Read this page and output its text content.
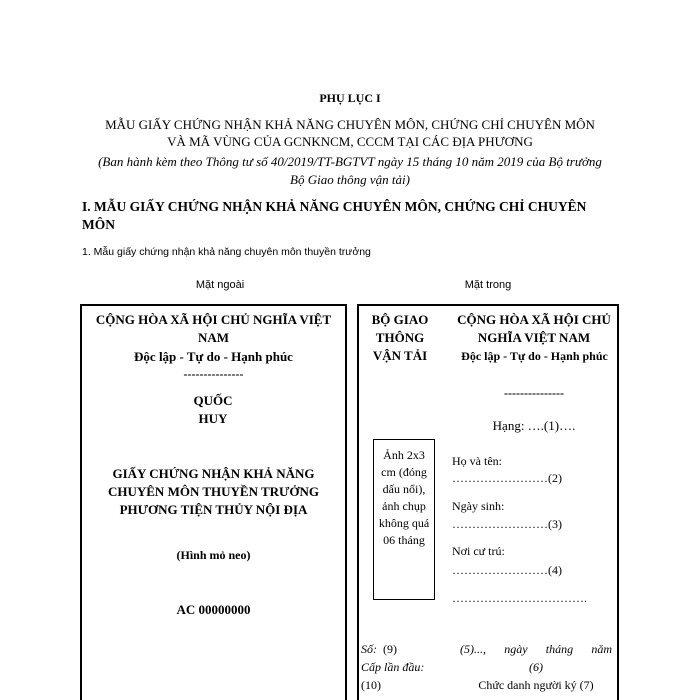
PHỤ LỤC I
MẪU GIẤY CHỨNG NHẬN KHẢ NĂNG CHUYÊN MÔN, CHỨNG CHỈ CHUYÊN MÔN
VÀ MÃ VÙNG CỦA GCNKNCM, CCCM TẠI CÁC ĐỊA PHƯƠNG
(Ban hành kèm theo Thông tư số 40/2019/TT-BGTVT ngày 15 tháng 10 năm 2019 của Bộ trưởng
Bộ Giao thông vận tải)
I. MẪU GIẤY CHỨNG NHẬN KHẢ NĂNG CHUYÊN MÔN, CHỨNG CHỈ CHUYÊN MÔN
1. Mẫu giấy chứng nhận khả năng chuyên môn thuyền trưởng
Mặt ngoài	Mặt trong
CỘNG HÒA XÃ HỘI CHỦ NGHĨA VIỆT NAM
Độc lập - Tự do - Hạnh phúc
---------------
QUỐC HUY
GIẤY CHỨNG NHẬN KHẢ NĂNG CHUYÊN MÔN THUYỀN TRƯỞNG PHƯƠNG TIỆN THỦY NỘI ĐỊA
(Hình mỏ neo)
AC 00000000
BỘ GIAO THÔNG VẬN TẢI
CỘNG HÒA XÃ HỘI CHỦ NGHĨA VIỆT NAM
Độc lập - Tự do - Hạnh phúc
---------------
Hạng: ….(1)….
Ảnh 2x3 cm (đóng dấu nổi), ảnh chụp không quá 06 tháng
Họ và tên:
……………………(2)
Ngày sinh:
……………………(3)
Nơi cư trú:
……………………(4)
…………………………….
Số: (9)
Cấp lần đầu:
(10)
(5)..., ngày tháng năm
(6)
Chức danh người ký (7)
